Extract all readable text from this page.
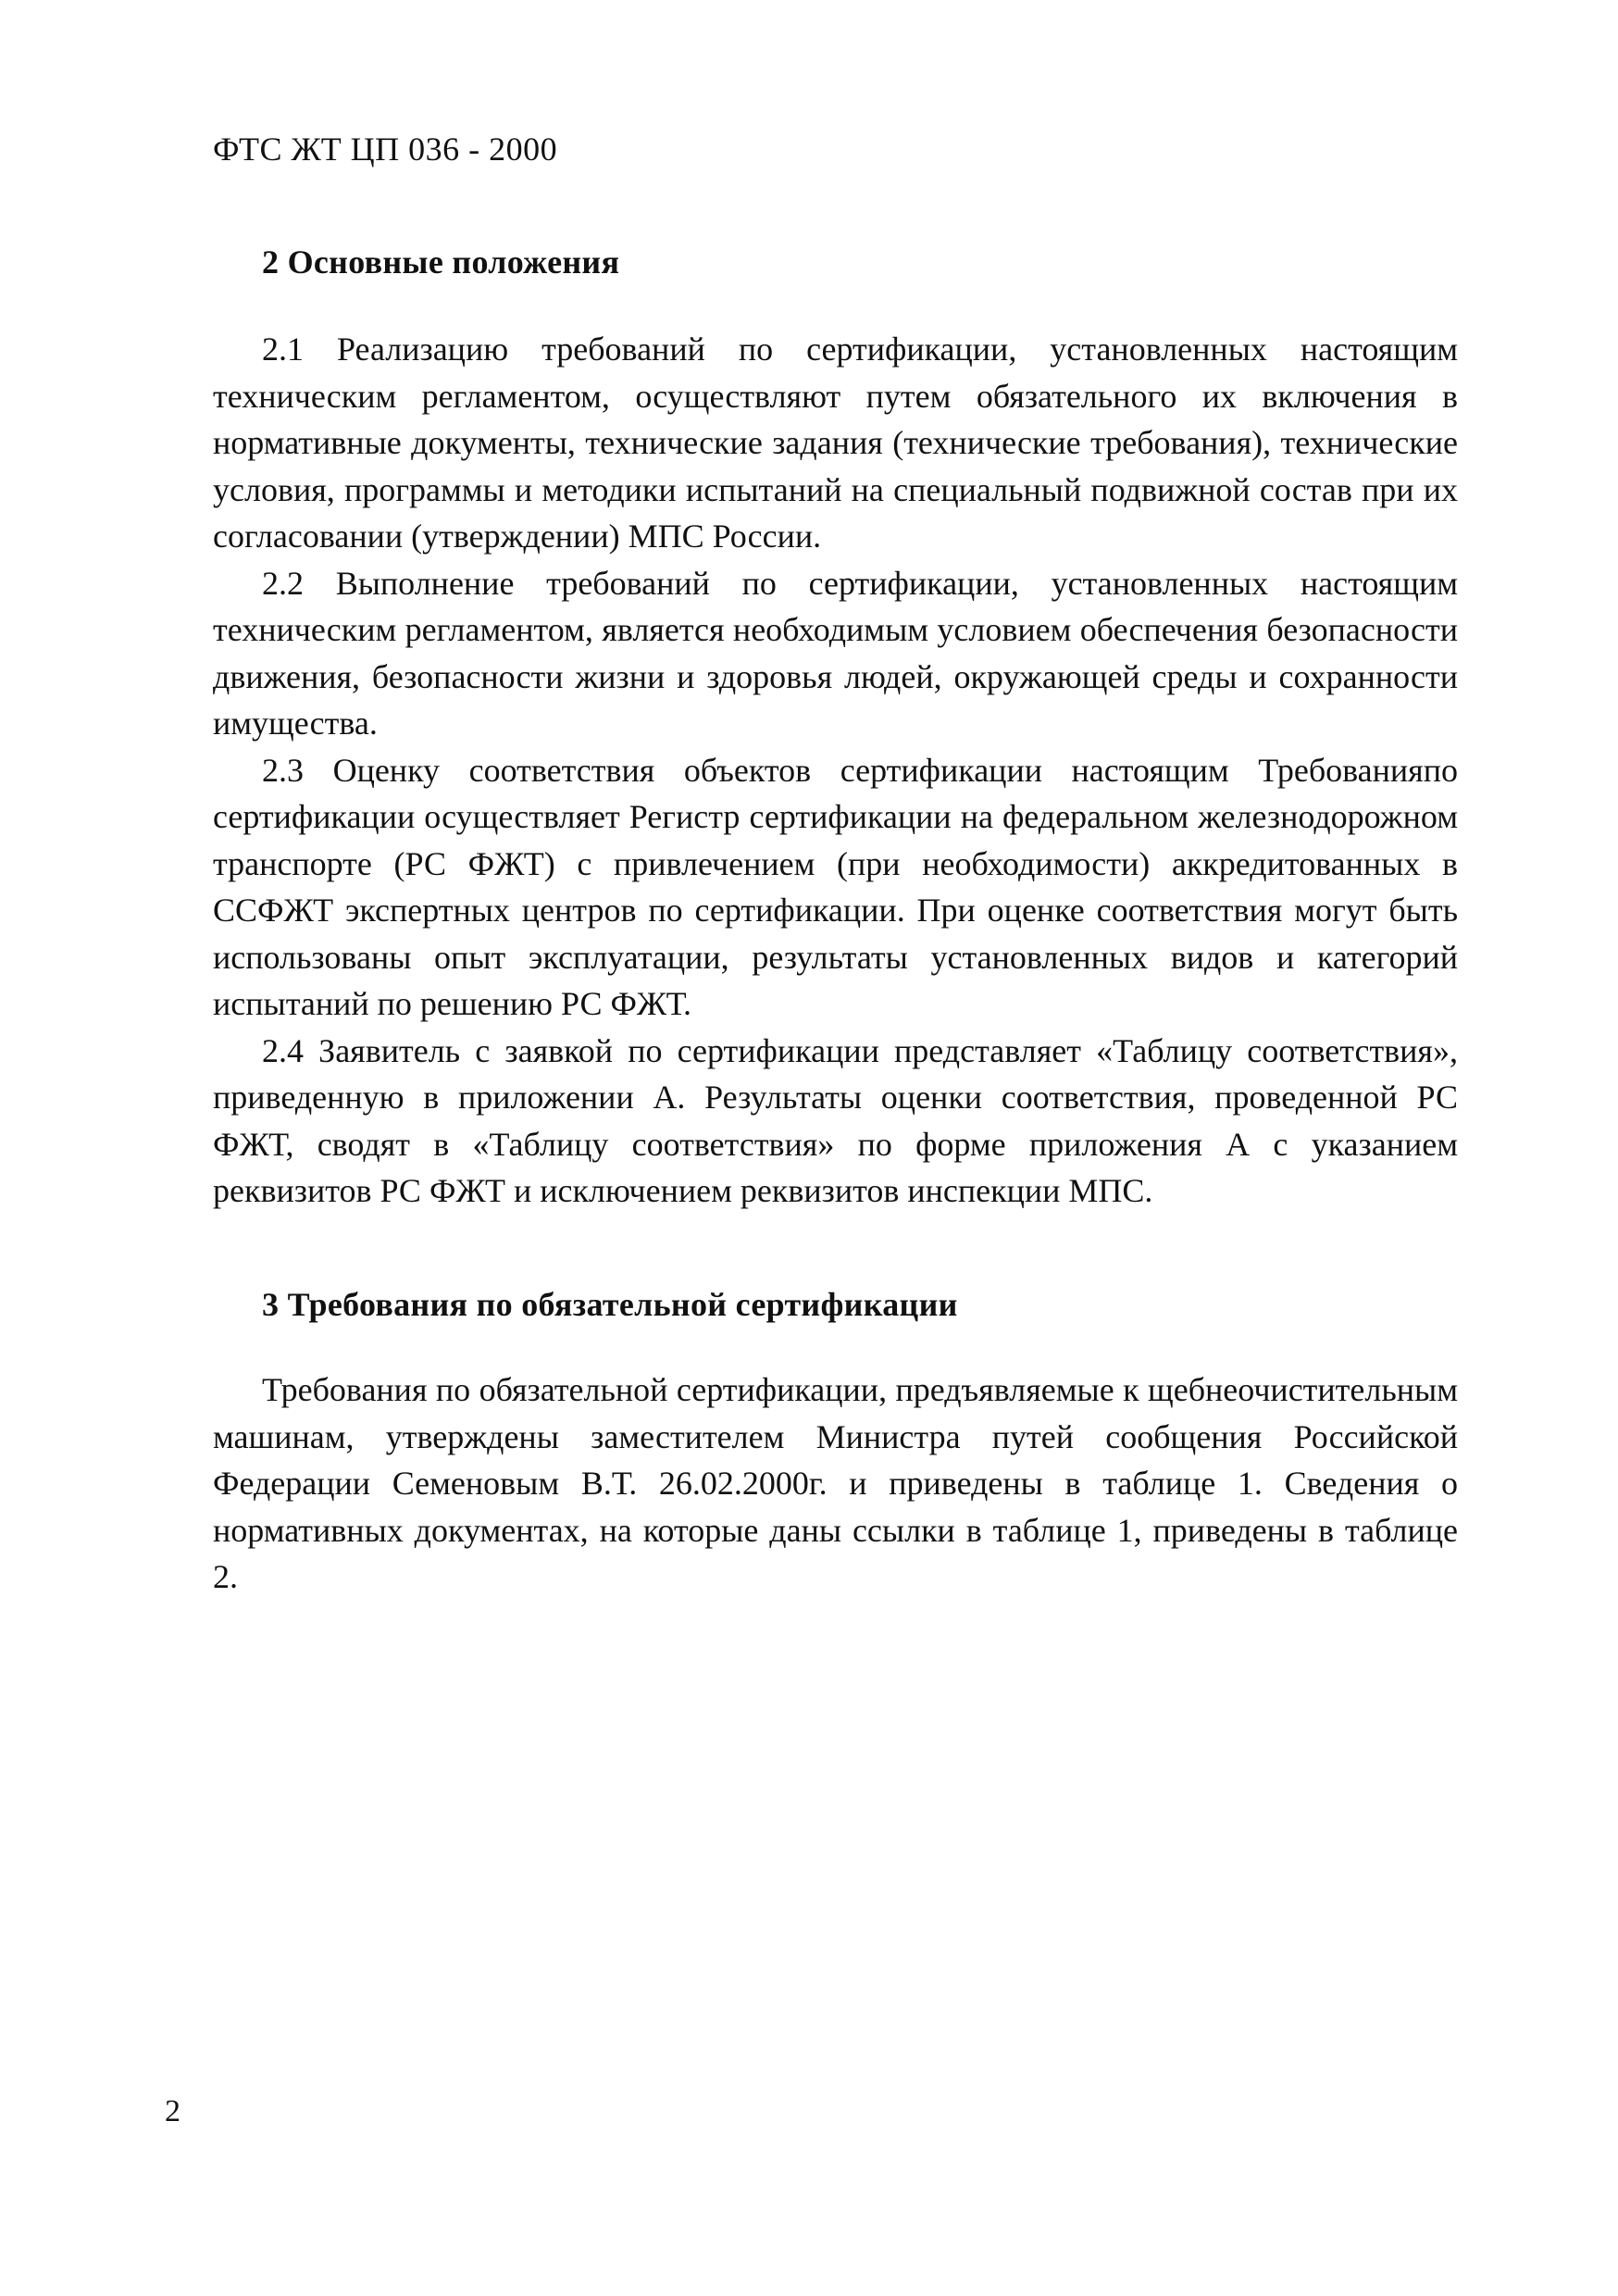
ФТС ЖТ ЦП 036 - 2000
2 Основные положения

2.1 Реализацию требований по сертификации, установленных настоящим техническим регламентом, осуществляют путем обязательного их включения в нормативные документы, технические задания (технические требования), технические условия, программы и методики испытаний на специальный подвижной состав при их согласовании (утверждении) МПС России.

2.2 Выполнение требований по сертификации, установленных настоящим техническим регламентом, является необходимым условием обеспечения безопасности движения, безопасности жизни и здоровья людей, окружающей среды и сохранности имущества.

2.3 Оценку соответствия объектов сертификации настоящим Требованияпо сертификации осуществляет Регистр сертификации на федеральном железнодорожном транспорте (РС ФЖТ) с привлечением (при необходимости) аккредитованных в ССФЖТ экспертных центров по сертификации. При оценке соответствия могут быть использованы опыт эксплуатации, результаты установленных видов и категорий испытаний по решению РС ФЖТ.

2.4 Заявитель с заявкой по сертификации представляет «Таблицу соответствия», приведенную в приложении А. Результаты оценки соответствия, проведенной РС ФЖТ, сводят в «Таблицу соответствия» по форме приложения А с указанием реквизитов РС ФЖТ и исключением реквизитов инспекции МПС.

3 Требования по обязательной сертификации

Требования по обязательной сертификации, предъявляемые к щебнеочистительным машинам, утверждены заместителем Министра путей сообщения Российской Федерации Семеновым В.Т. 26.02.2000г. и приведены в таблице 1. Сведения о нормативных документах, на которые даны ссылки в таблице 1, приведены в таблице 2.

2
